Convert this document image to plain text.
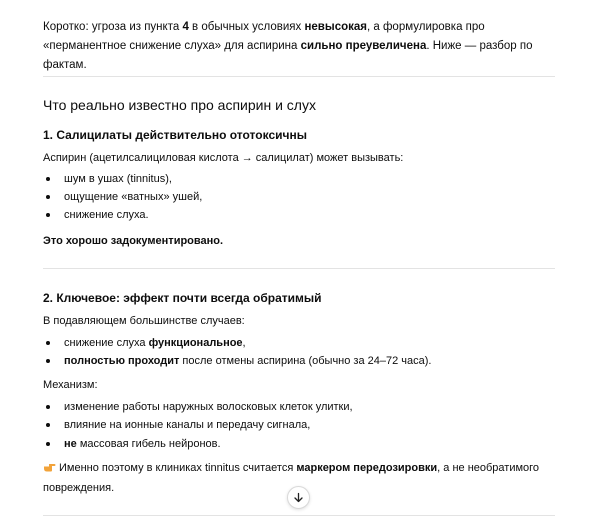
Коротко: угроза из пункта 4 в обычных условиях невысокая, а формулировка про «перманентное снижение слуха» для аспирина сильно преувеличена. Ниже — разбор по фактам.

Что реально известно про аспирин и слух
1. Салицилаты действительно ототоксичны

Аспирин (ацетилсалициловая кислота → салицилат) может вызывать:

шум в ушах (tinnitus),
ощущение «ватных» ушей,
снижение слуха.

Это хорошо задокументировано.

2. Ключевое: эффект почти всегда обратимый

В подавляющем большинстве случаев:

снижение слуха функциональное,
полностью проходит после отмены аспирина (обычно за 24–72 часа).

Механизм:

изменение работы наружных волосковых клеток улитки,
влияние на ионные каналы и передачу сигнала,
не массовая гибель нейронов.

Именно поэтому в клиниках tinnitus считается маркером передозировки, а не необратимого

повреждения.
